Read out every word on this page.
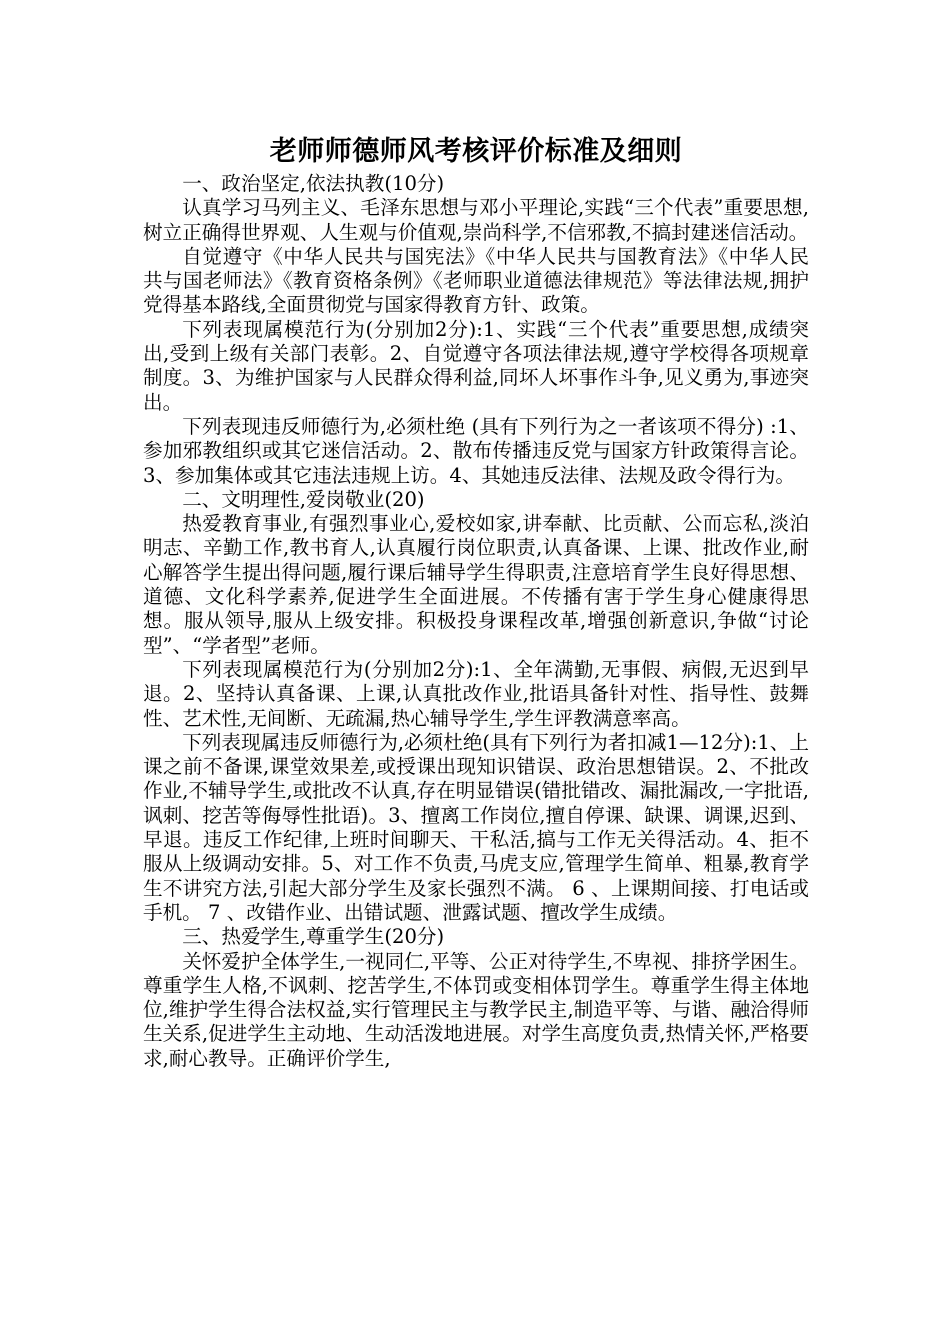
老师师德师风考核评价标准及细则

一、政治坚定,依法执教(10分)

认真学习马列主义、毛泽东思想与邓小平理论,实践“三个代表”重要思想,树立正确得世界观、人生观与价值观,崇尚科学,不信邪教,不搞封建迷信活动。

自觉遵守《中华人民共与国宪法》《中华人民共与国教育法》《中华人民共与国老师法》《教育资格条例》《老师职业道德法律规范》等法律法规,拥护党得基本路线,全面贯彻党与国家得教育方针、政策。

下列表现属模范行为(分别加2分):1、实践“三个代表”重要思想,成绩突出,受到上级有关部门表彰。2、自觉遵守各项法律法规,遵守学校得各项规章制度。3、为维护国家与人民群众得利益,同坏人坏事作斗争,见义勇为,事迹突出。

下列表现违反师德行为,必须杜绝 (具有下列行为之一者该项不得分) :1、参加邪教组织或其它迷信活动。2、散布传播违反党与国家方针政策得言论。3、参加集体或其它违法违规上访。4、其她违反法律、法规及政令得行为。

二、文明理性,爱岗敬业(20)

热爱教育事业,有强烈事业心,爱校如家,讲奉献、比贡献、公而忘私,淡泊明志、辛勤工作,教书育人,认真履行岗位职责,认真备课、上课、批改作业,耐心解答学生提出得问题,履行课后辅导学生得职责,注意培育学生良好得思想、道德、文化科学素养,促进学生全面进展。不传播有害于学生身心健康得思想。服从领导,服从上级安排。积极投身课程改革,增强创新意识,争做“讨论型”、“学者型”老师。

下列表现属模范行为(分别加2分):1、全年满勤,无事假、病假,无迟到早退。2、坚持认真备课、上课,认真批改作业,批语具备针对性、指导性、鼓舞性、艺术性,无间断、无疏漏,热心辅导学生,学生评教满意率高。

下列表现属违反师德行为,必须杜绝(具有下列行为者扣减1—12分):1、上课之前不备课,课堂效果差,或授课出现知识错误、政治思想错误。2、不批改作业,不辅导学生,或批改不认真,存在明显错误(错批错改、漏批漏改,一字批语,讽刺、挖苦等侮辱性批语)。3、擅离工作岗位,擅自停课、缺课、调课,迟到、早退。违反工作纪律,上班时间聊天、干私活,搞与工作无关得活动。4、拒不服从上级调动安排。5、对工作不负责,马虎支应,管理学生简单、粗暴,教育学生不讲究方法,引起大部分学生及家长强烈不满。 6 、上课期间接、打电话或手机。 7 、改错作业、出错试题、泄露试题、擅改学生成绩。

三、热爱学生,尊重学生(20分)

关怀爱护全体学生,一视同仁,平等、公正对待学生,不卑视、排挤学困生。尊重学生人格,不讽刺、挖苦学生,不体罚或变相体罚学生。尊重学生得主体地位,维护学生得合法权益,实行管理民主与教学民主,制造平等、与谐、融洽得师生关系,促进学生主动地、生动活泼地进展。对学生高度负责,热情关怀,严格要求,耐心教导。正确评价学生,
